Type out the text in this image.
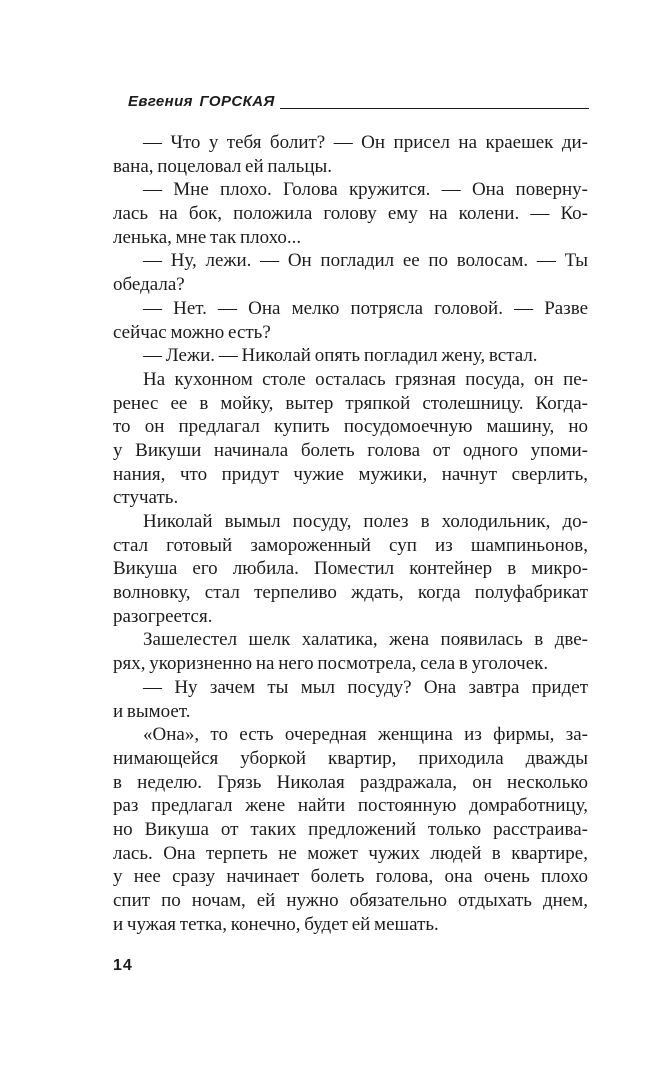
Евгения ГОРСКАЯ
— Что у тебя болит? — Он присел на краешек ди-
вана, поцеловал ей пальцы.
— Мне плохо. Голова кружится. — Она поверну-
лась на бок, положила голову ему на колени. — Ко-
ленька, мне так плохо...
— Ну, лежи. — Он погладил ее по волосам. — Ты
обедала?
— Нет. — Она мелко потрясла головой. — Разве
сейчас можно есть?
— Лежи. — Николай опять погладил жену, встал.
На кухонном столе осталась грязная посуда, он пе-
ренес ее в мойку, вытер тряпкой столешницу. Когда-
то он предлагал купить посудомоечную машину, но
у Викуши начинала болеть голова от одного упоми-
нания, что придут чужие мужики, начнут сверлить,
стучать.
Николай вымыл посуду, полез в холодильник, до-
стал готовый замороженный суп из шампиньонов,
Викуша его любила. Поместил контейнер в микро-
волновку, стал терпеливо ждать, когда полуфабрикат
разогреется.
Зашелестел шелк халатика, жена появилась в две-
рях, укоризненно на него посмотрела, села в уголочек.
— Ну зачем ты мыл посуду? Она завтра придет
и вымоет.
«Она», то есть очередная женщина из фирмы, за-
нимающейся уборкой квартир, приходила дважды
в неделю. Грязь Николая раздражала, он несколько
раз предлагал жене найти постоянную домработницу,
но Викуша от таких предложений только расстраива-
лась. Она терпеть не может чужих людей в квартире,
у нее сразу начинает болеть голова, она очень плохо
спит по ночам, ей нужно обязательно отдыхать днем,
и чужая тетка, конечно, будет ей мешать.
14
